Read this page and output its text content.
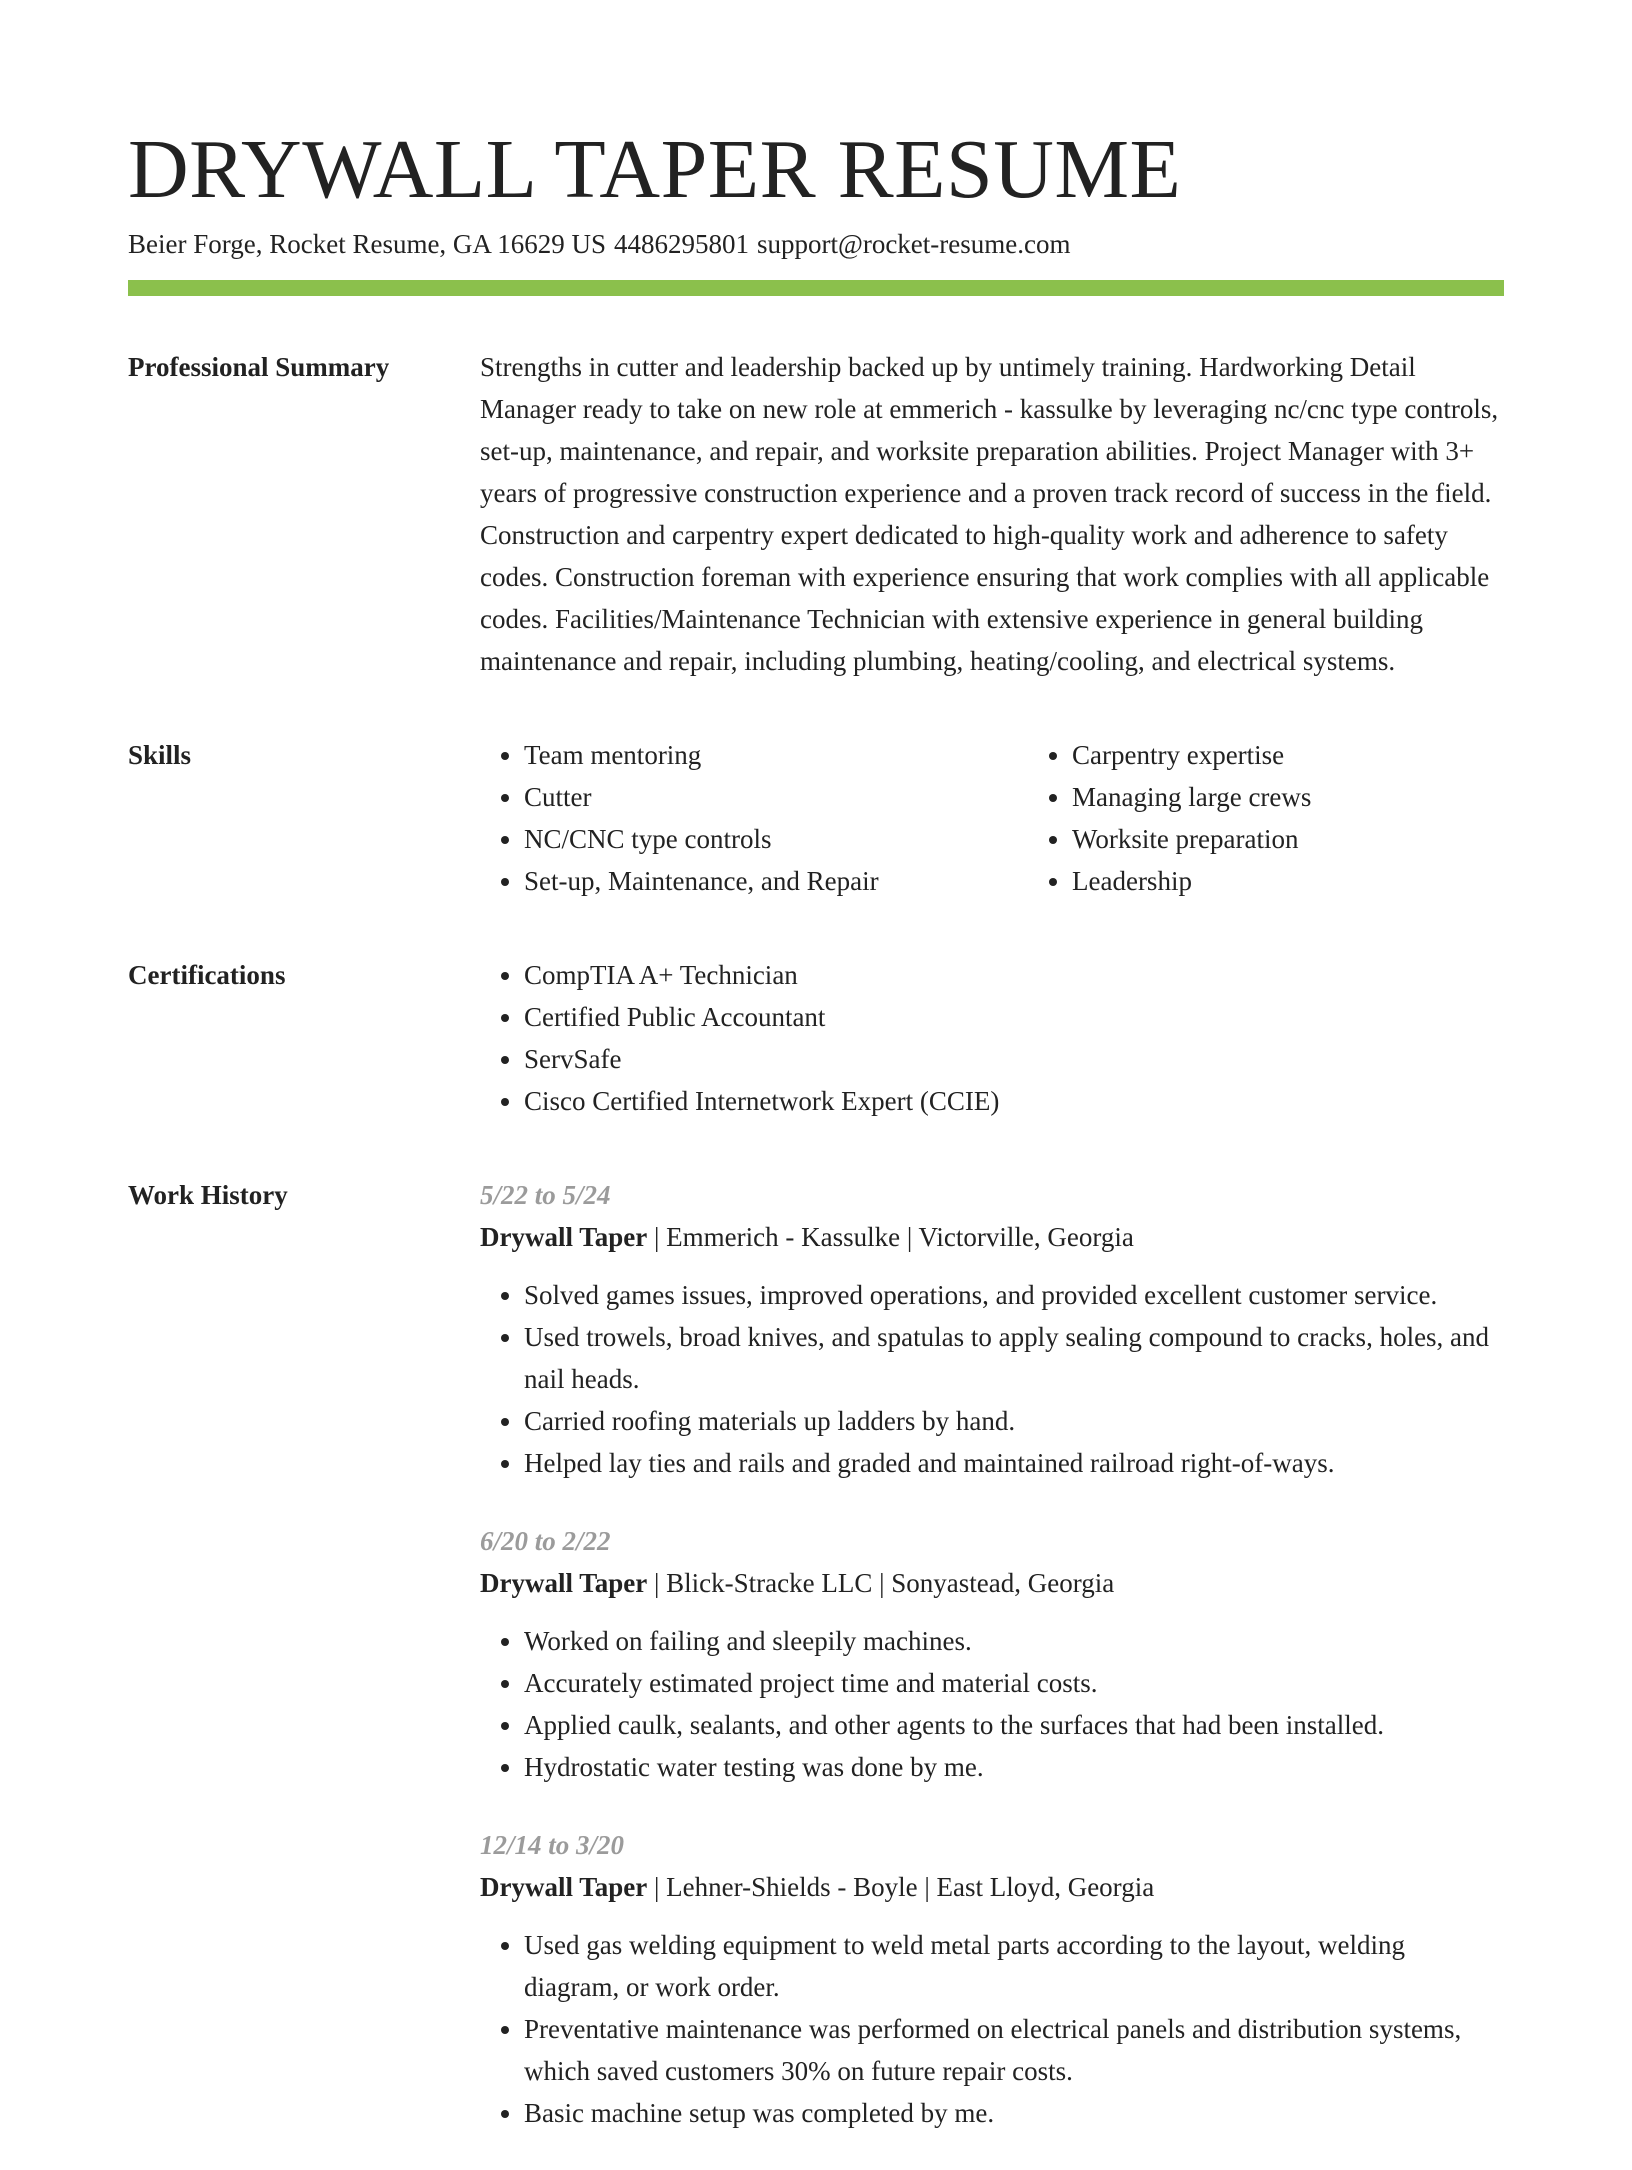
DRYWALL TAPER RESUME
Beier Forge, Rocket Resume, GA 16629 US 4486295801 support@rocket-resume.com
Professional Summary	Strengths in cutter and leadership backed up by untimely training. Hardworking Detail Manager ready to take on new role at emmerich - kassulke by leveraging nc/cnc type controls, set-up, maintenance, and repair, and worksite preparation abilities. Project Manager with 3+ years of progressive construction experience and a proven track record of success in the field. Construction and carpentry expert dedicated to high-quality work and adherence to safety codes. Construction foreman with experience ensuring that work complies with all applicable codes. Facilities/Maintenance Technician with extensive experience in general building maintenance and repair, including plumbing, heating/cooling, and electrical systems.

Skills	• Team mentoring
• Cutter
• NC/CNC type controls
• Set-up, Maintenance, and Repair
• Carpentry expertise
• Managing large crews
• Worksite preparation
• Leadership
Certifications	• CompTIA A+ Technician
• Certified Public Accountant
• ServSafe
• Cisco Certified Internetwork Expert (CCIE)
Work History	5/22 to 5/24
Drywall Taper | Emmerich - Kassulke | Victorville, Georgia
• Solved games issues, improved operations, and provided excellent customer service.
• Used trowels, broad knives, and spatulas to apply sealing compound to cracks, holes, and nail heads.
• Carried roofing materials up ladders by hand.
• Helped lay ties and rails and graded and maintained railroad right-of-ways.
6/20 to 2/22
Drywall Taper | Blick-Stracke LLC | Sonyastead, Georgia
• Worked on failing and sleepily machines.
• Accurately estimated project time and material costs.
• Applied caulk, sealants, and other agents to the surfaces that had been installed.
• Hydrostatic water testing was done by me.
12/14 to 3/20
Drywall Taper | Lehner-Shields - Boyle | East Lloyd, Georgia
• Used gas welding equipment to weld metal parts according to the layout, welding diagram, or work order.
• Preventative maintenance was performed on electrical panels and distribution systems, which saved customers 30% on future repair costs.
• Basic machine setup was completed by me.
